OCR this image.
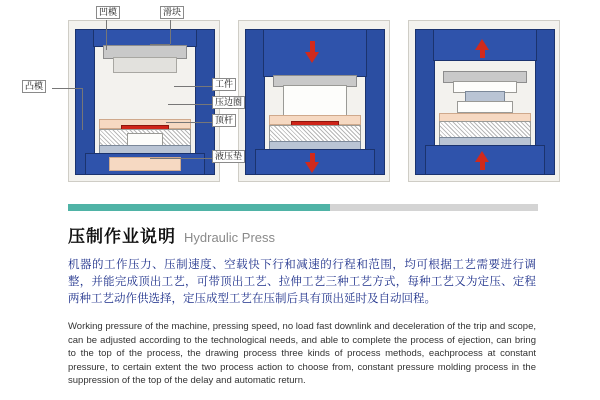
凹模	滑块
凸模	工件
压边圈
顶杆
液压垫
压制作业说明 Hydraulic Press

机器的工作压力、压制速度、空载快下行和减速的行程和范围，均可根据工艺需要进行调整，并能完成顶出工艺，可带顶出工艺、拉伸工艺三种工艺方式，每种工艺又为定压、定程两种工艺动作供选择，定压成型工艺在压制后具有顶出延时及自动回程。

Working pressure of the machine, pressing speed, no load fast downlink and deceleration of the trip and scope, can be adjusted according to the technological needs, and able to complete the process of ejection, can bring to the top of the process, the drawing process three kinds of process methods, eachprocess at constant pressure, to certain extent the two process action to choose from, constant pressure molding process in the suppression of the top of the delay and automatic return.
